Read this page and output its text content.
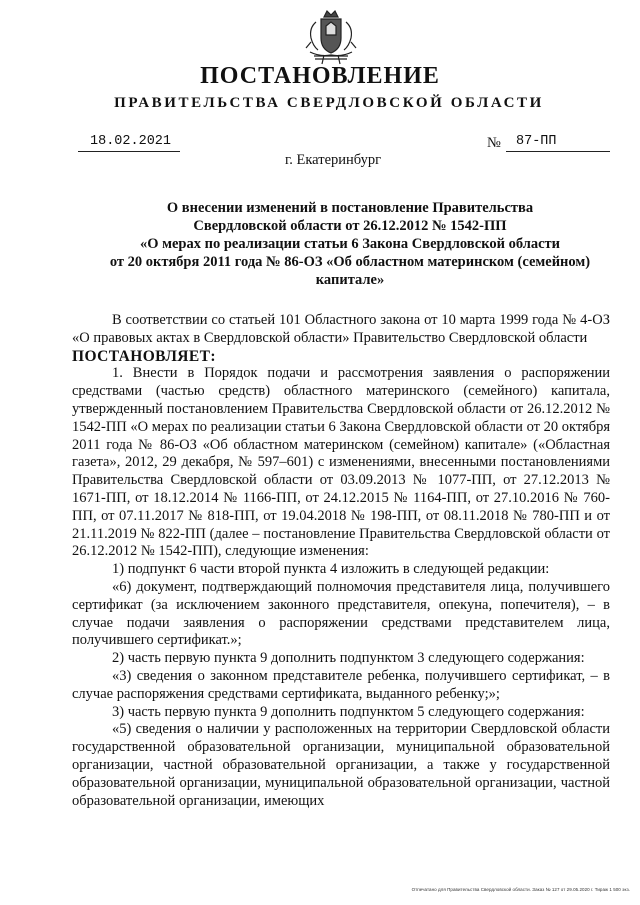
ПОСТАНОВЛЕНИЕ
ПРАВИТЕЛЬСТВА СВЕРДЛОВСКОЙ ОБЛАСТИ
18.02.2021	№	87-ПП
г. Екатеринбург
О внесении изменений в постановление Правительства
Свердловской области от 26.12.2012 № 1542-ПП
«О мерах по реализации статьи 6 Закона Свердловской области
от 20 октября 2011 года № 86-ОЗ «Об областном материнском (семейном)
капитале»

В соответствии со статьей 101 Областного закона от 10 марта 1999 года № 4-ОЗ «О правовых актах в Свердловской области» Правительство Свердловской области

ПОСТАНОВЛЯЕТ:

1. Внести в Порядок подачи и рассмотрения заявления о распоряжении средствами (частью средств) областного материнского (семейного) капитала, утвержденный постановлением Правительства Свердловской области от 26.12.2012 № 1542-ПП «О мерах по реализации статьи 6 Закона Свердловской области от 20 октября 2011 года № 86-ОЗ «Об областном материнском (семейном) капитале» («Областная газета», 2012, 29 декабря, № 597–601) с изменениями, внесенными постановлениями Правительства Свердловской области от 03.09.2013 № 1077-ПП, от 27.12.2013 № 1671-ПП, от 18.12.2014 № 1166-ПП, от 24.12.2015 № 1164-ПП, от 27.10.2016 № 760-ПП, от 07.11.2017 № 818-ПП, от 19.04.2018 № 198-ПП, от 08.11.2018 № 780-ПП и от 21.11.2019 № 822-ПП (далее – постановление Правительства Свердловской области от 26.12.2012 № 1542-ПП), следующие изменения:

1) подпункт 6 части второй пункта 4 изложить в следующей редакции:

«6) документ, подтверждающий полномочия представителя лица, получившего сертификат (за исключением законного представителя, опекуна, попечителя), – в случае подачи заявления о распоряжении средствами представителем лица, получившего сертификат.»;

2) часть первую пункта 9 дополнить подпунктом 3 следующего содержания:

«3) сведения о законном представителе ребенка, получившего сертификат, – в случае распоряжения средствами сертификата, выданного ребенку;»;

3) часть первую пункта 9 дополнить подпунктом 5 следующего содержания:

«5) сведения о наличии у расположенных на территории Свердловской области государственной образовательной организации, муниципальной образовательной организации, частной образовательной организации, а также у государственной образовательной организации, муниципальной образовательной организации, частной образовательной организации, имеющих

Отпечатано для Правительства Свердловской области. Заказ № 127 от 29.05.2020 г. Тираж 1 500 экз.
